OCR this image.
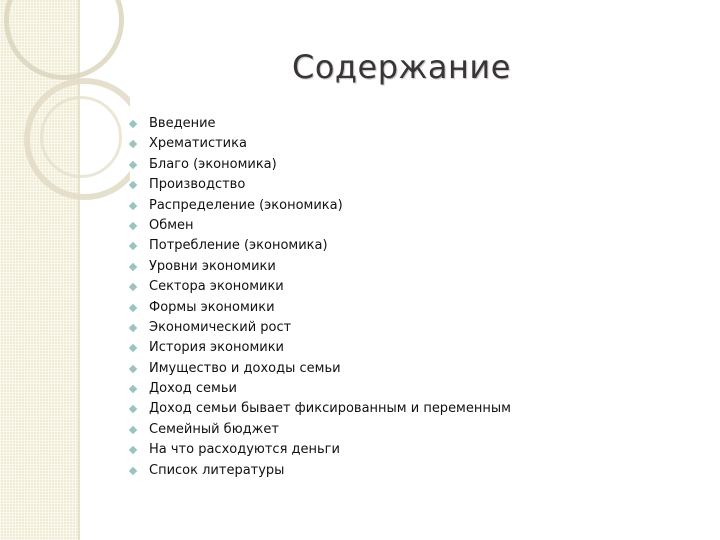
Содержание
Введение
Хрематистика
Благо (экономика)
Производство
Распределение (экономика)
Обмен
Потребление (экономика)
Уровни экономики
Сектора экономики
Формы экономики
Экономический рост
История экономики
Имущество и доходы семьи
Доход семьи
Доход семьи бывает фиксированным и переменным
Семейный бюджет
На что расходуются деньги
Список литературы
